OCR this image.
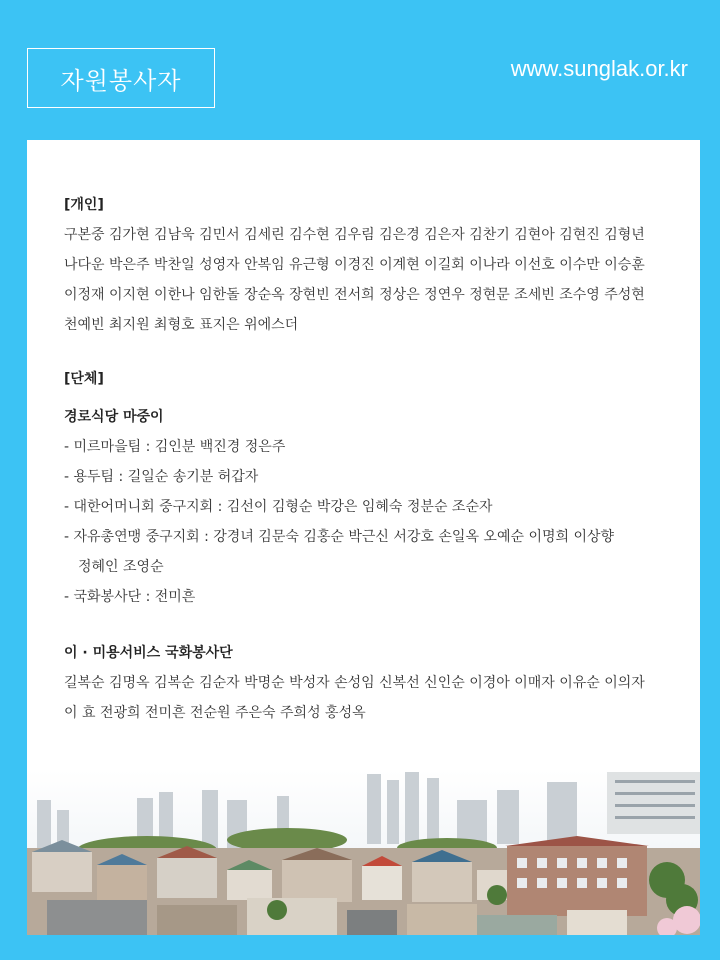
자원봉사자	www.sunglak.or.kr
[개인]
구본중 김가현 김남욱 김민서 김세린 김수현 김우림 김은경 김은자 김찬기 김현아 김현진 김형년
나다운 박은주 박찬일 성영자 안복임 유근형 이경진 이계현 이길회 이나라 이선호 이수만 이승훈
이정재 이지현 이한나 임한돌 장순옥 장현빈 전서희 정상은 정연우 정현문 조세빈 조수영 주성현
천예빈 최지원 최형호 표지은 위에스더
[단체]
경로식당 마중이
- 미르마을팀 : 김인분 백진경 정은주
- 용두팀 : 길일순 송기분 허갑자
- 대한어머니회 중구지회 : 김선이 김형순 박강은 임혜숙 정분순 조순자
- 자유총연맹 중구지회 : 강경녀 김문숙 김홍순 박근신 서강호 손일옥 오예순 이명희 이상향
정혜인 조영순
- 국화봉사단 : 전미흔
이 · 미용서비스 국화봉사단
길복순 김명옥 김복순 김순자 박명순 박성자 손성임 신복선 신인순 이경아 이매자 이유순 이의자
이 효 전광희 전미흔 전순원 주은숙 주희성 홍성옥
